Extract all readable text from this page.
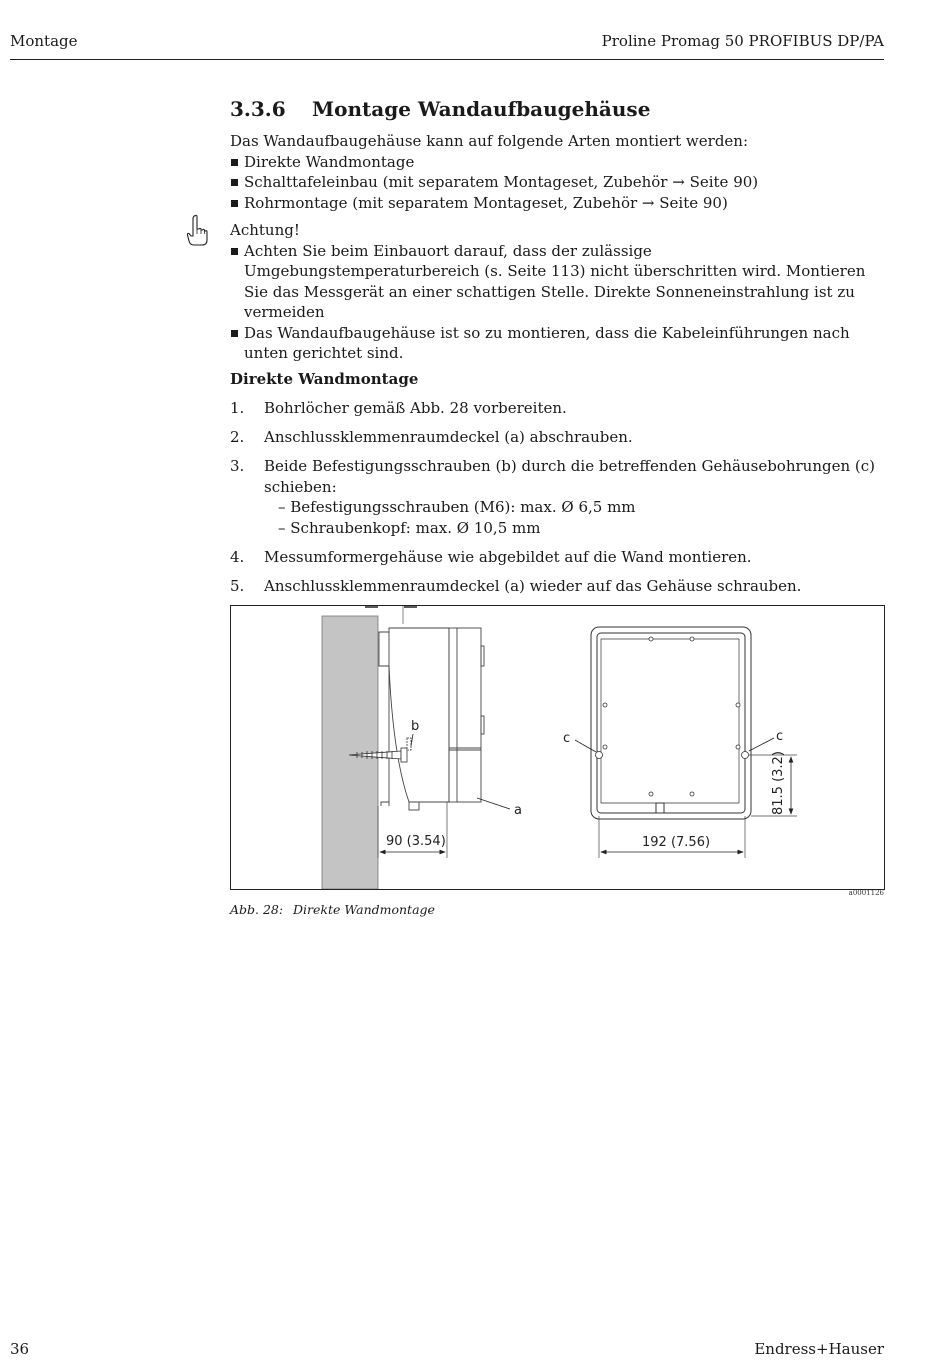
Montage	Proline Promag 50 PROFIBUS DP/PA
3.3.6 Montage Wandaufbaugehäuse
Das Wandaufbaugehäuse kann auf folgende Arten montiert werden:
Direkte Wandmontage
Schalttafeleinbau (mit separatem Montageset, Zubehör → Seite 90)
Rohrmontage (mit separatem Montageset, Zubehör → Seite 90)
Achtung!
Achten Sie beim Einbauort darauf, dass der zulässige Umgebungstemperaturbereich (s. Seite 113) nicht überschritten wird. Montieren Sie das Messgerät an einer schattigen Stelle. Direkte Sonneneinstrahlung ist zu vermeiden
Das Wandaufbaugehäuse ist so zu montieren, dass die Kabeleinführungen nach unten gerichtet sind.
Direkte Wandmontage
1.	Bohrlöcher gemäß Abb. 28 vorbereiten.
2.	Anschlussklemmenraumdeckel (a) abschrauben.
3.	Beide Befestigungsschrauben (b) durch die betreffenden Gehäusebohrungen (c) schieben:
– Befestigungsschrauben (M6): max. Ø 6,5 mm
– Schraubenkopf: max. Ø 10,5 mm
4.	Messumformergehäuse wie abgebildet auf die Wand montieren.
5.	Anschlussklemmenraumdeckel (a) wieder auf das Gehäuse schrauben.
b
a
90 (3.54)
c	c
192 (7.56)
81.5 (3.2)
a0001126
Abb. 28: Direkte Wandmontage
36	Endress+Hauser
